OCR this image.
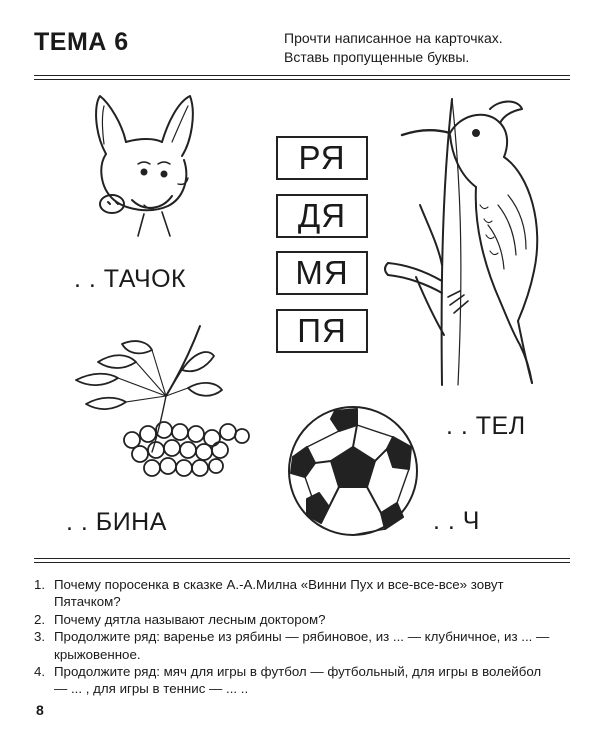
ТЕМА 6	Прочти написанное на карточках.
Вставь пропущенные буквы.
. . ТАЧОК
РЯ
ДЯ
МЯ
ПЯ
. . ТЕЛ
. . БИНА	. . Ч
1. Почему поросенка в сказке А.-А.Милна «Винни Пух и все-все-все» зовут Пятачком?
2. Почему дятла называют лесным доктором?
3. Продолжите ряд: варенье из рябины — рябиновое, из ... — клубничное, из ... — крыжовенное.
4. Продолжите ряд: мяч для игры в футбол — футбольный, для игры в волейбол — ... , для игры в теннис — ... ..
8
